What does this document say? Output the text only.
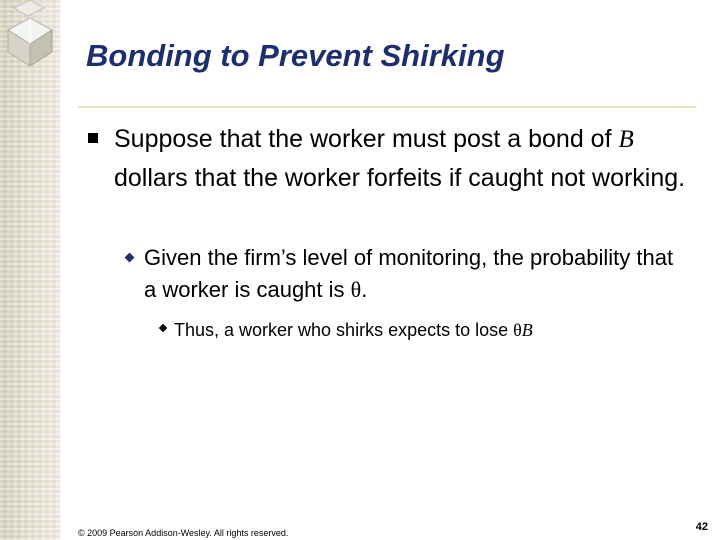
Bonding to Prevent Shirking
Suppose that the worker must post a bond of B dollars that the worker forfeits if caught not working.
Given the firm’s level of monitoring, the probability that a worker is caught is θ.
Thus, a worker who shirks expects to lose θB
© 2009 Pearson Addison-Wesley. All rights reserved.	42
